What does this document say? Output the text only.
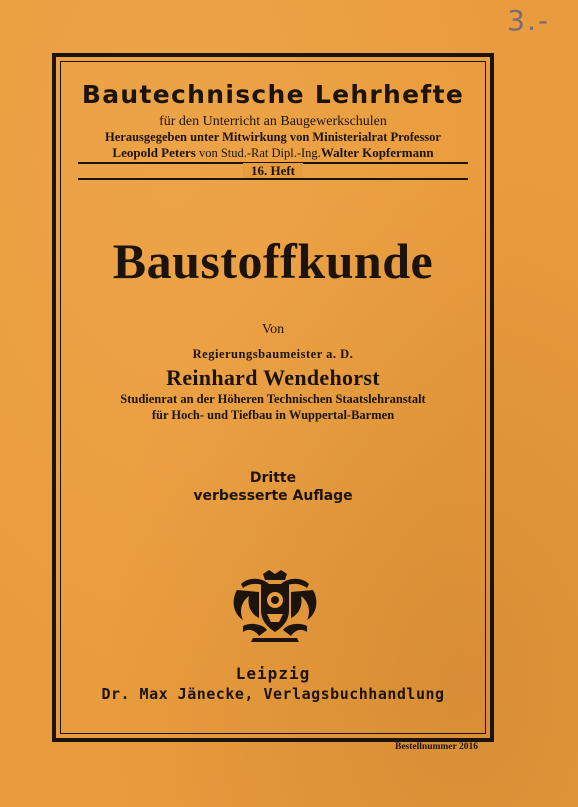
3.-
Bautechnische Lehrhefte
für den Unterricht an Baugewerkschulen
Herausgegeben unter Mitwirkung von Ministerialrat Professor
Leopold Peters von Stud.-Rat Dipl.-Ing.Walter Kopfermann
16. Heft
Baustoffkunde
Von
Regierungsbaumeister a. D.
Reinhard Wendehorst
Studienrat an der Höheren Technischen Staatslehranstalt
für Hoch- und Tiefbau in Wuppertal-Barmen
Dritte
verbesserte Auflage
Leipzig
Dr. Max Jänecke, Verlagsbuchhandlung
Bestellnummer 2016
